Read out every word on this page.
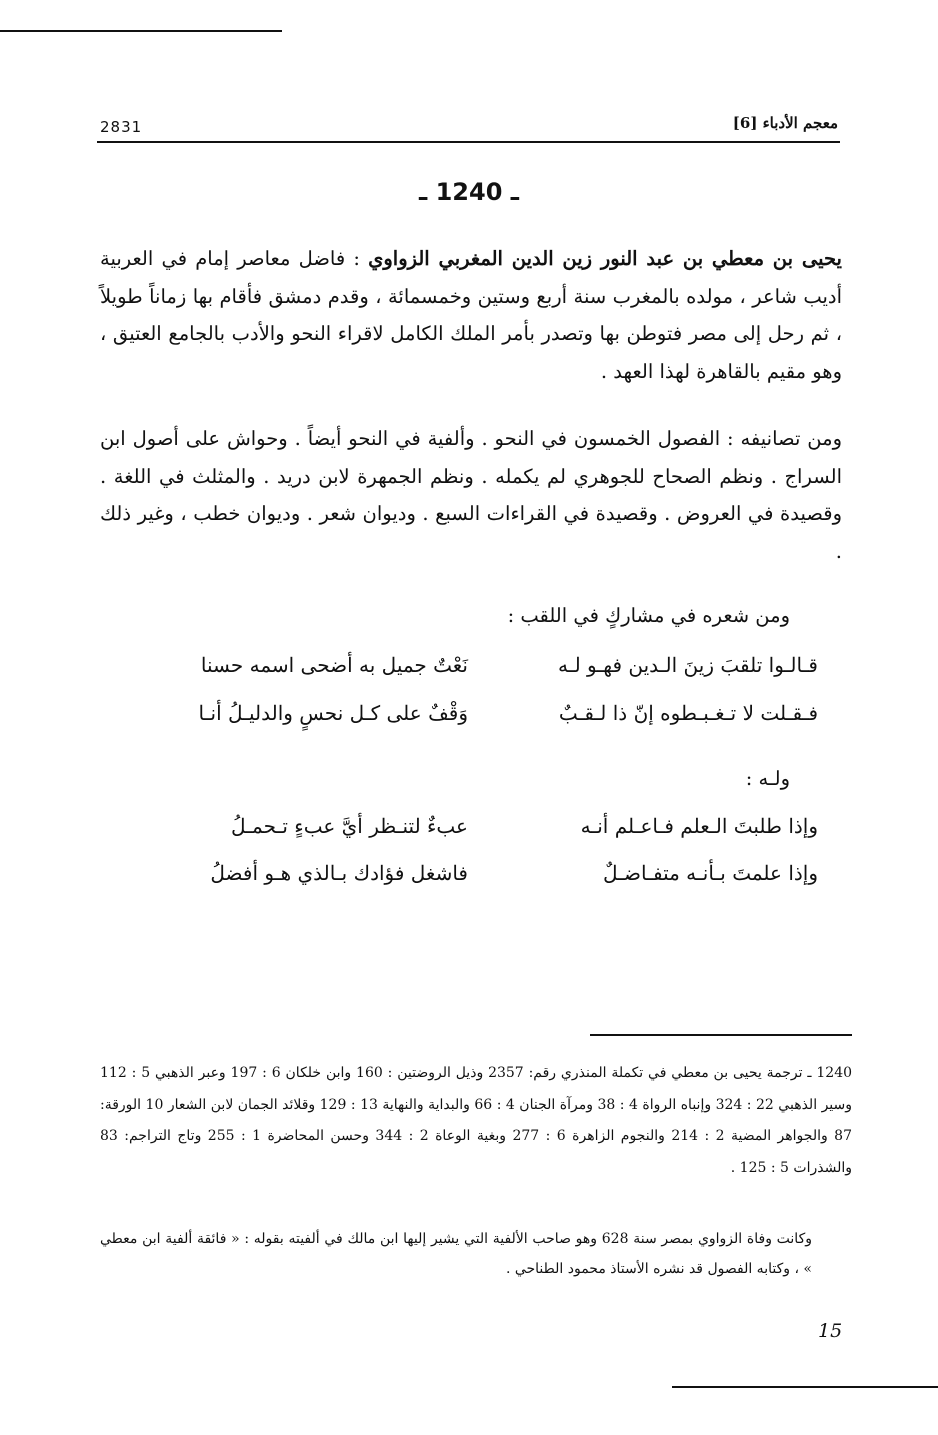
2831	معجم الأدباء [6]
ـ 1240 ـ
يحيى بن معطي بن عبد النور زين الدين المغربي الزواوي : فاضل معاصر إمام في العربية أديب شاعر ، مولده بالمغرب سنة أربع وستين وخمسمائة ، وقدم دمشق فأقام بها زماناً طويلاً ، ثم رحل إلى مصر فتوطن بها وتصدر بأمر الملك الكامل لاقراء النحو والأدب بالجامع العتيق ، وهو مقيم بالقاهرة لهذا العهد .
ومن تصانيفه : الفصول الخمسون في النحو . وألفية في النحو أيضاً . وحواش على أصول ابن السراج . ونظم الصحاح للجوهري لم يكمله . ونظم الجمهرة لابن دريد . والمثلث في اللغة . وقصيدة في العروض . وقصيدة في القراءات السبع . وديوان شعر . وديوان خطب ، وغير ذلك .
ومن شعره في مشاركٍ في اللقب :
قـالـوا تلقبَ زينَ الـدين فهـو لـه
نَعْتٌ جميل به أضحى اسمه حسنا
فـقـلت لا تـغـبـطوه إنّ ذا لـقـبٌ
وَقْفٌ على كـل نحسٍ والدليـلُ أنـا
ولـه :
وإذا طلبتَ الـعلم فـاعـلم أنـه
عبءٌ لتنـظر أيَّ عبءٍ تـحمـلُ
وإذا علمتَ بـأنـه متفـاضـلٌ
فاشغل فؤادك بـالذي هـو أفضلُ
1240 ـ ترجمة يحيى بن معطي في تكملة المنذري رقم: 2357 وذيل الروضتين : 160 وابن خلكان 6 : 197 وعبر الذهبي 5 : 112 وسير الذهبي 22 : 324 وإنباه الرواة 4 : 38 ومرآة الجنان 4 : 66 والبداية والنهاية 13 : 129 وقلائد الجمان لابن الشعار 10 الورقة: 87 والجواهر المضية 2 : 214 والنجوم الزاهرة 6 : 277 وبغية الوعاة 2 : 344 وحسن المحاضرة 1 : 255 وتاج التراجم: 83 والشذرات 5 : 125 .
وكانت وفاة الزواوي بمصر سنة 628 وهو صاحب الألفية التي يشير إليها ابن مالك في ألفيته بقوله : « فائقة ألفية ابن معطي » ، وكتابه الفصول قد نشره الأستاذ محمود الطناحي .
15
